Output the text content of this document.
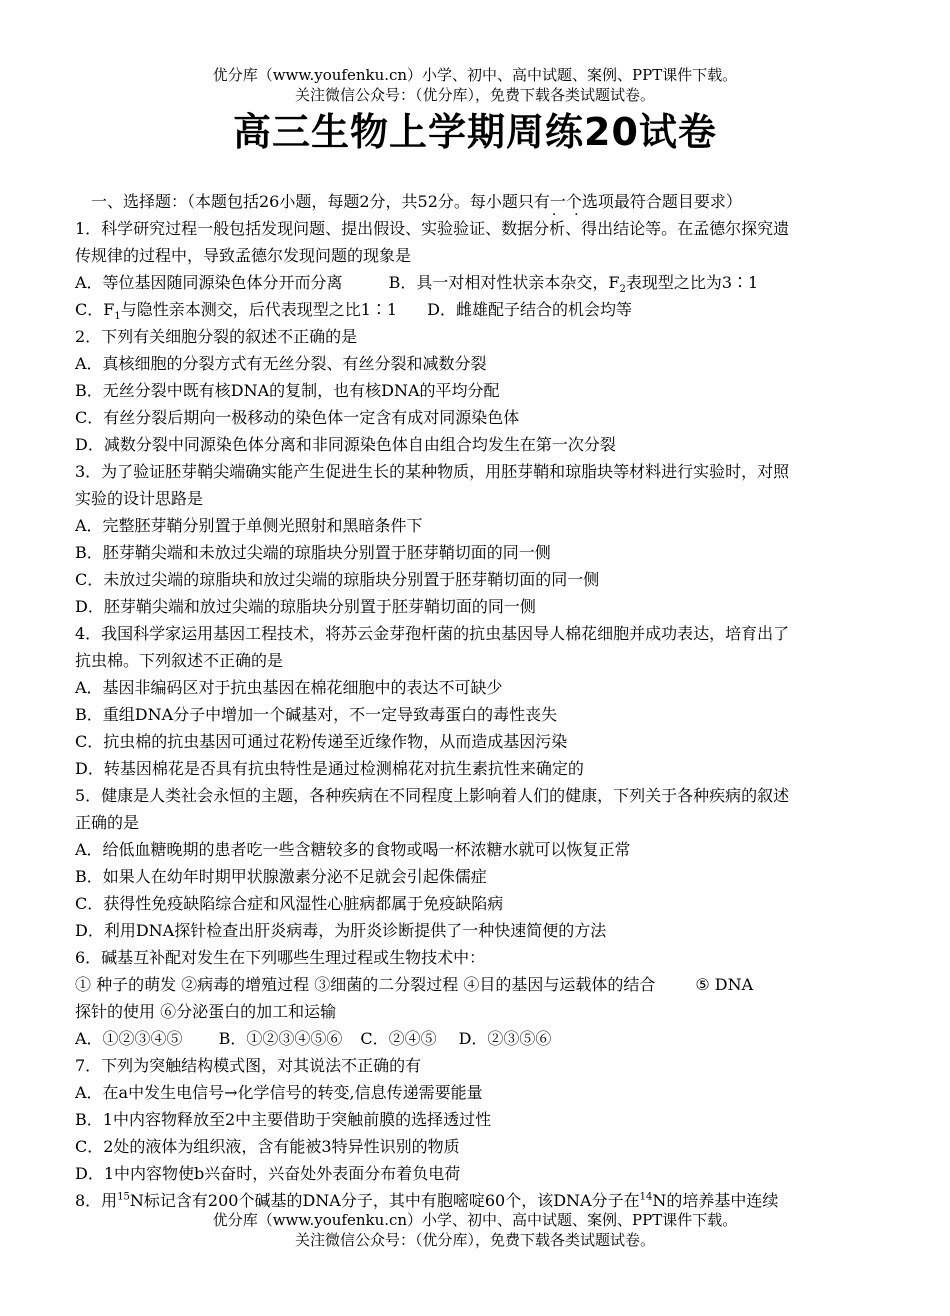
优分库（www.youfenku.cn）小学、初中、高中试题、案例、PPT课件下载。
关注微信公众号：（优分库），免费下载各类试题试卷。
高三生物上学期周练20试卷
一、选择题：（本题包括26小题，每题2分，共52分。每小题只有一个 · ·选项最符合题目要求）
1．科学研究过程一般包括发现问题、提出假设、实验验证、数据分析、得出结论等。在孟德尔探究遗
传规律的过程中，导致孟德尔发现问题的现象是
A．等位基因随同源染色体分开而分离	B．具一对相对性状亲本杂交，$F_2$表现型之比为3∶1
C．$F_1$与隐性亲本测交，后代表现型之比1∶1 D．雌雄配子结合的机会均等
2．下列有关细胞分裂的叙述不正确的是
A．真核细胞的分裂方式有无丝分裂、有丝分裂和减数分裂
B．无丝分裂中既有核DNA的复制，也有核DNA的平均分配
C．有丝分裂后期向一极移动的染色体一定含有成对同源染色体
D．减数分裂中同源染色体分离和非同源染色体自由组合均发生在第一次分裂
3．为了验证胚芽鞘尖端确实能产生促进生长的某种物质，用胚芽鞘和琼脂块等材料进行实验时，对照
实验的设计思路是
A．完整胚芽鞘分别置于单侧光照射和黑暗条件下
B．胚芽鞘尖端和未放过尖端的琼脂块分别置于胚芽鞘切面的同一侧
C．未放过尖端的琼脂块和放过尖端的琼脂块分别置于胚芽鞘切面的同一侧
D．胚芽鞘尖端和放过尖端的琼脂块分别置于胚芽鞘切面的同一侧
4．我国科学家运用基因工程技术，将苏云金芽孢杆菌的抗虫基因导人棉花细胞并成功表达，培育出了
抗虫棉。下列叙述不正确的是
A．基因非编码区对于抗虫基因在棉花细胞中的表达不可缺少
B．重组DNA分子中增加一个碱基对，不一定导致毒蛋白的毒性丧失
C．抗虫棉的抗虫基因可通过花粉传递至近缘作物，从而造成基因污染
D．转基因棉花是否具有抗虫特性是通过检测棉花对抗生素抗性来确定的
5．健康是人类社会永恒的主题，各种疾病在不同程度上影响着人们的健康，下列关于各种疾病的叙述
正确的是
A．给低血糖晚期的患者吃一些含糖较多的食物或喝一杯浓糖水就可以恢复正常
B．如果人在幼年时期甲状腺激素分泌不足就会引起侏儒症
C．获得性免疫缺陷综合症和风湿性心脏病都属于免疫缺陷病
D．利用DNA探针检查出肝炎病毒，为肝炎诊断提供了一种快速简便的方法
6．碱基互补配对发生在下列哪些生理过程或生物技术中：
① 种子的萌发 ②病毒的增殖过程 ③细菌的二分裂过程 ④目的基因与运载体的结合	⑤ DNA
探针的使用 ⑥分泌蛋白的加工和运输
A．①②③④⑤ B．①②③④⑤⑥ C．②④⑤ D．②③⑤⑥
7．下列为突触结构模式图，对其说法不正确的有
A．在a中发生电信号→化学信号的转变,信息传递需要能量
B．1中内容物释放至2中主要借助于突触前膜的选择透过性
C．2处的液体为组织液，含有能被3特异性识别的物质
D．1中内容物使b兴奋时，兴奋处外表面分布着负电荷
8．用$^{15}$N标记含有200个碱基的DNA分子，其中有胞嘧啶60个，该DNA分子在$^{14}$N的培养基中连续
优分库（www.youfenku.cn）小学、初中、高中试题、案例、PPT课件下载。
关注微信公众号：（优分库），免费下载各类试题试卷。
